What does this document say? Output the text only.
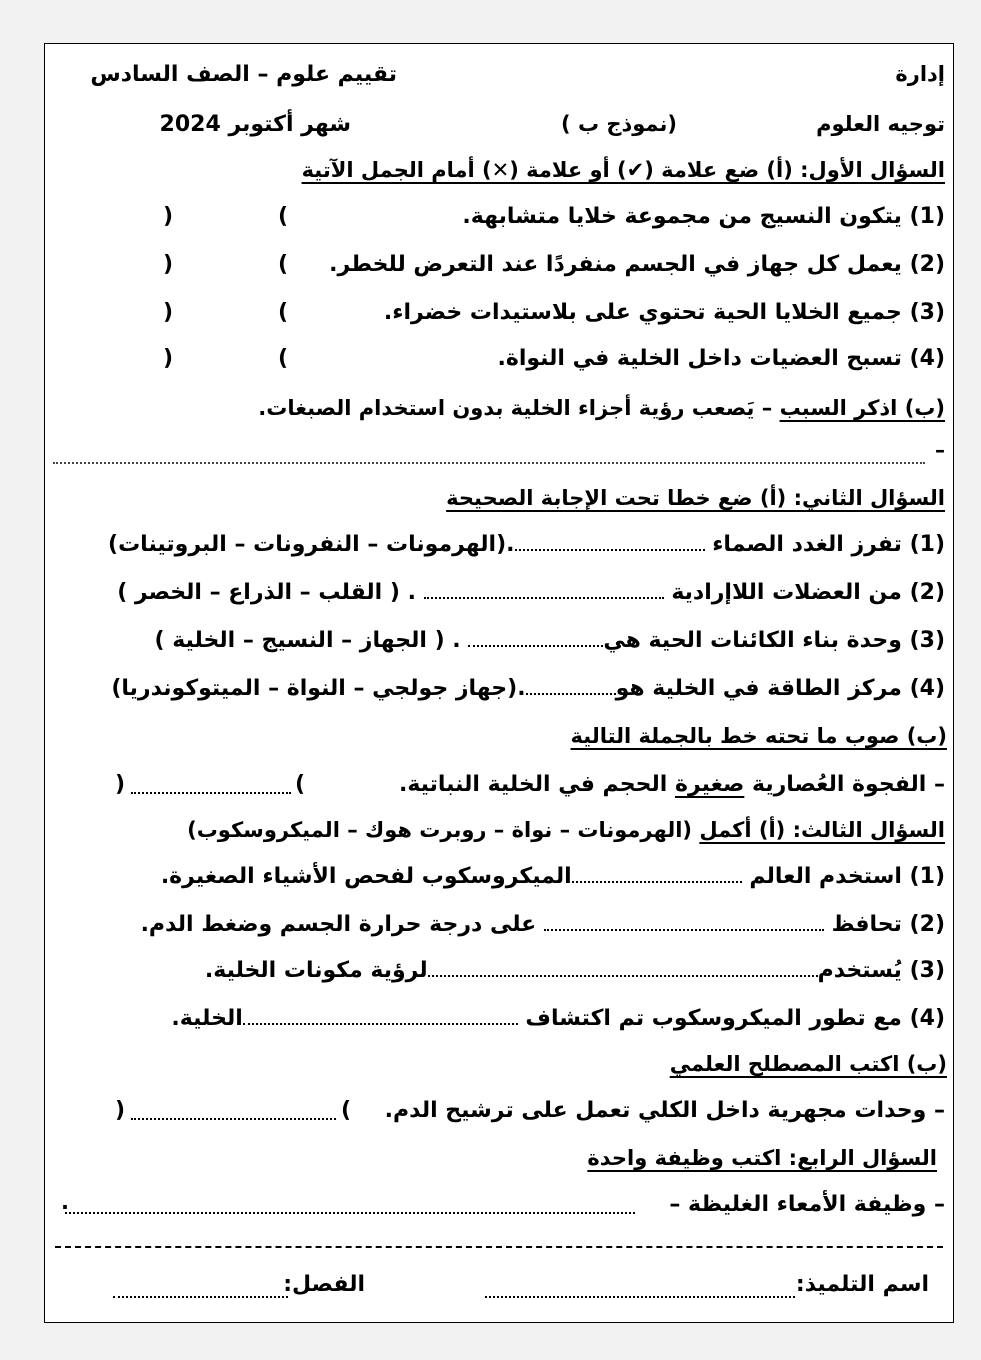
إدارة
توجيه العلوم
تقييم علوم – الصف السادس
(نموذج ب )
شهر أكتوبر 2024
السؤال الأول: (أ) ضع علامة (✔) أو علامة (✕) أمام الجمل الآتية
(1) يتكون النسيج من مجموعة خلايا متشابهة.
(2) يعمل كل جهاز في الجسم منفردًا عند التعرض للخطر.
(3) جميع الخلايا الحية تحتوي على بلاستيدات خضراء.
(4) تسبح العضيات داخل الخلية في النواة.
(
)
(
)
(
)
(
)
(ب) اذكر السبب – يَصعب رؤية أجزاء الخلية بدون استخدام الصبغات.
–
السؤال الثاني: (أ) ضع خطا تحت الإجابة الصحيحة
(1) تفرز الغدد الصماء .(الهرمونات – النفرونات – البروتينات)
(2) من العضلات اللاإرادية  . ( القلب – الذراع – الخصر )
(3) وحدة بناء الكائنات الحية هي . ( الجهاز – النسيج – الخلية )
(4) مركز الطاقة في الخلية هو.(جهاز جولجي – النواة – الميتوكوندريا)
(ب) صوب ما تحته خط بالجملة التالية
– الفجوة العُصارية صغيرة الحجم في الخلية النباتية.
(
)
السؤال الثالث: (أ) أكمل (الهرمونات – نواة – روبرت هوك – الميكروسكوب)
(1) استخدم العالم الميكروسكوب لفحص الأشياء الصغيرة.
(2) تحافظ  على درجة حرارة الجسم وضغط الدم.
(3) يُستخدملرؤية مكونات الخلية.
(4) مع تطور الميكروسكوب تم اكتشاف الخلية.
(ب) اكتب المصطلح العلمي
– وحدات مجهرية داخل الكلي تعمل على ترشيح الدم.
(
)
السؤال الرابع: اكتب وظيفة واحدة
– وظيفة الأمعاء الغليظة –
.
اسم التلميذ:
الفصل:
